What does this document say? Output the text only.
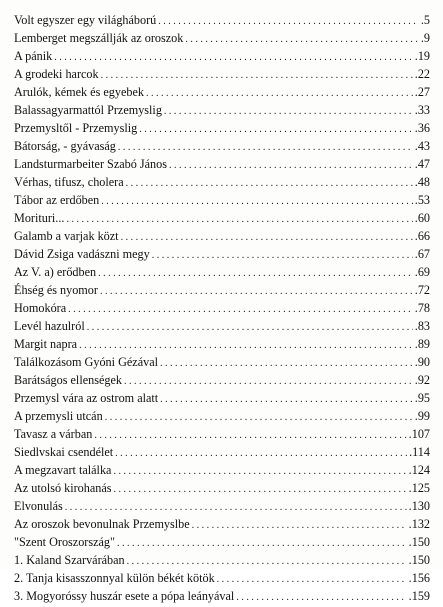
Volt egyszer egy világháború . . .	.5
Lemberget megszállják az oroszok . . .	.9
A pánik . . .	.19
A grodeki harcok . . .	.22
Arulók, kémek és egyebek . . .	.27
Balassagyarmattól Przemyslig . . .	.33
Przemysltől - Przemyslig . . .	.36
Bátorság, - gyávaság . . .	.43
Landsturmarbeiter Szabó János . . .	.47
Vérhas, tifusz, cholera . . .	.48
Tábor az erdőben . . .	.53
Morituri... . . .	.60
Galamb a varjak közt . . .	.66
Dávid Zsiga vadászni megy . . .	.67
Az V. a) erődben . . .	.69
Éhség és nyomor . . .	.72
Homokóra . . .	.78
Levél hazulról . . .	.83
Margit napra . . .	.89
Találkozásom Gyóni Gézával . . .	.90
Barátságos ellenségek . . .	.92
Przemysl vára az ostrom alatt . . .	.95
A przemysli utcán . . .	.99
Tavasz a várban . . .	.107
Siedlvskai csendélet . . .	.114
A megzavart találka . . .	.124
Az utolsó kirohanás . . .	.125
Elvonulás . . .	.130
Az oroszok bevonulnak Przemyslbe . . .	.132
"Szent Oroszország" . . .	.150
1. Kaland Szarvárában . . .	.150
2. Tanja kisasszonnyal külön békét kötök . . .	.156
3. Mogyoróssy huszár esete a pópa leányával . . .	.159
